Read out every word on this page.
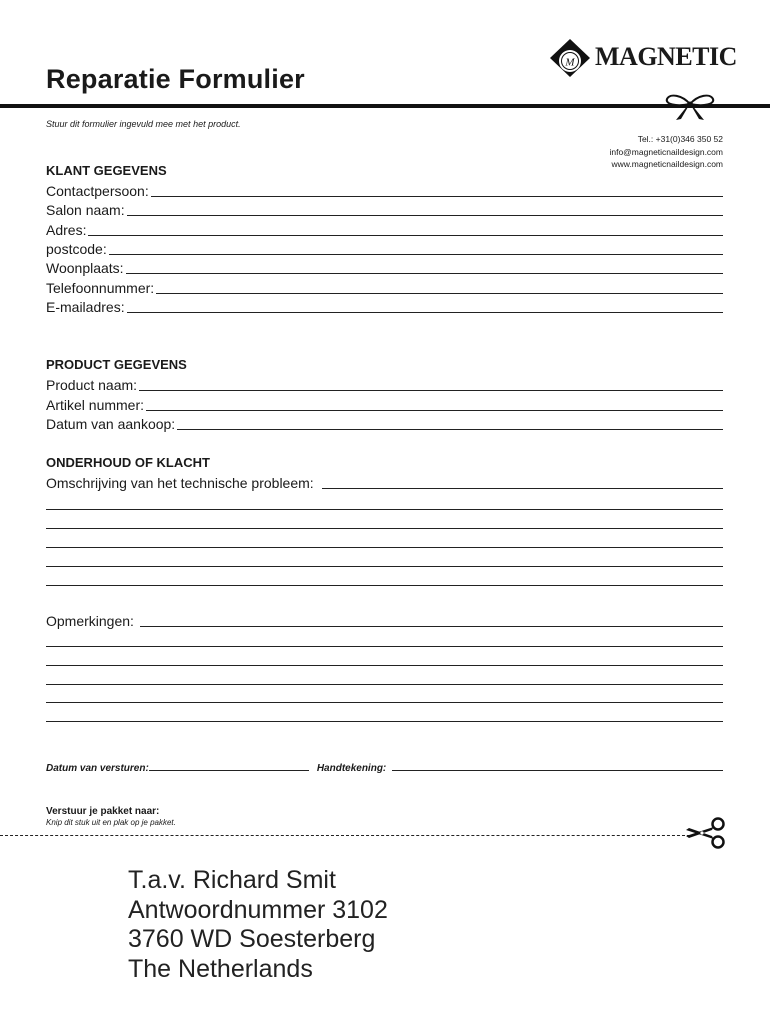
Reparatie Formulier
M MAGNETIC
Stuur dit formulier ingevuld mee met het product.
Tel.: +31(0)346 350 52
info@magneticnaildesign.com
www.magneticnaildesign.com
KLANT GEGEVENS
Contactpersoon:
Salon naam:
Adres:
postcode:
Woonplaats:
Telefoonnummer:
E-mailadres:
PRODUCT GEGEVENS
Product naam:
Artikel nummer:
Datum van aankoop:
ONDERHOUD OF KLACHT
Omschrijving van het technische probleem:
Opmerkingen:
Datum van versturen:	Handtekening:
Verstuur je pakket naar:
Knip dit stuk uit en plak op je pakket.
T.a.v. Richard Smit
Antwoordnummer 3102
3760 WD Soesterberg
The Netherlands
